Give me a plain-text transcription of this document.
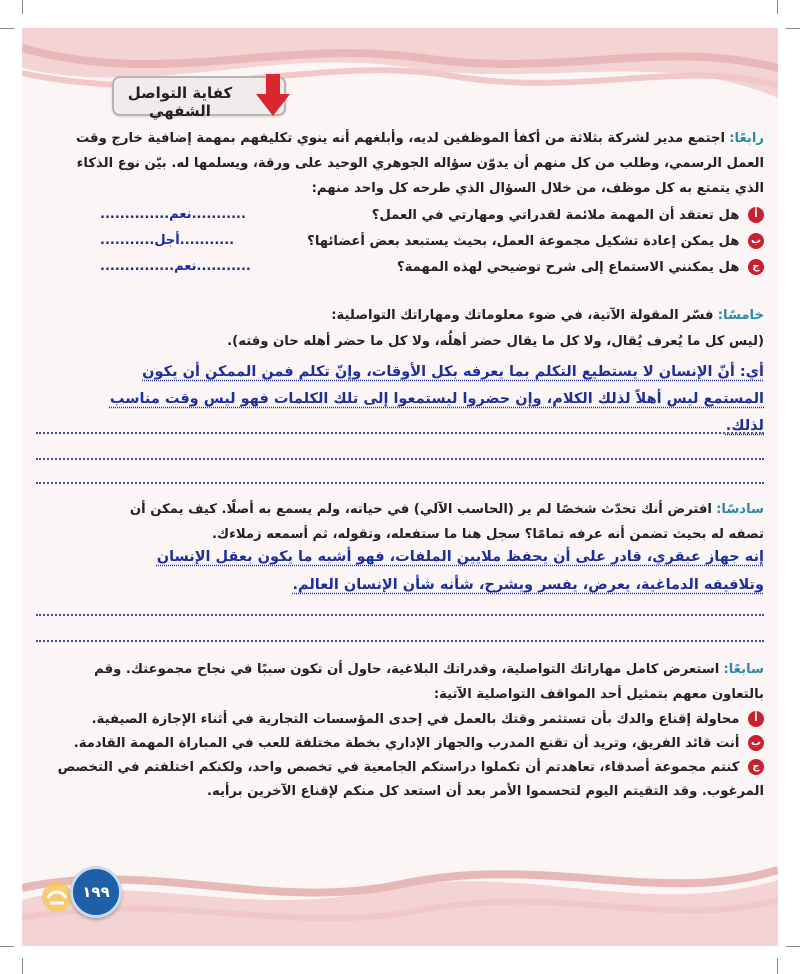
كفاية التواصل الشفهي
رابعًا: اجتمع مدير لشركة بثلاثة من أكفأ الموظفين لديه، وأبلغهم أنه ينوي تكليفهم بمهمة إضافية خارج وقت
العمل الرسمي، وطلب من كل منهم أن يدوّن سؤاله الجوهري الوحيد على ورقة، ويسلمها له. بيّن نوع الذكاء
الذي يتمتع به كل موظف، من خلال السؤال الذي طرحه كل واحد منهم:
أ هل تعتقد أن المهمة ملائمة لقدراتي ومهارتي في العمل؟
...........نعم..............
ب هل يمكن إعادة تشكيل مجموعة العمل، بحيث يستبعد بعض أعضائها؟
...........أجل...........
ج هل يمكنني الاستماع إلى شرح توضيحي لهذه المهمة؟
...........نعم...............
خامسًا: فسّر المقولة الآتية، في ضوء معلوماتك ومهاراتك التواصلية:
(ليس كل ما يُعرف يُقال، ولا كل ما يقال حضر أهلُه، ولا كل ما حضر أهله حان وقته).
أي: أنّ الإنسان لا يستطيع التكلم بما يعرفه بكل الأوقات، وإنّ تكلم فمن الممكن أن يكون
المستمع ليس أهلاً لذلك الكلام، وإن حضروا ليستمعوا إلى تلك الكلمات فهو ليس وقت مناسب
لذلك.
سادسًا: افترض أنك تحدّث شخصًا لم ير (الحاسب الآلي) في حياته، ولم يسمع به أصلًا. كيف يمكن أن
تصفه له بحيث تضمن أنه عرفه تمامًا؟ سجل هنا ما ستفعله، وتقوله، ثم أسمعه زملاءك.
إنه جهاز عبقري، قادر على أن يحفظ ملايين الملفات، فهو أشبه ما يكون بعقل الإنسان
وتلافيفه الدماغية، يعرض، يفسر ويشرح، شأنه شأن الإنسان العالم.
سابعًا: استعرض كامل مهاراتك التواصلية، وقدراتك البلاغية، حاول أن تكون سببًا في نجاح مجموعتك. وقم
بالتعاون معهم بتمثيل أحد المواقف التواصلية الآتية:
أ محاولة إقناع والدك بأن تستثمر وقتك بالعمل في إحدى المؤسسات التجارية في أثناء الإجازة الصيفية.
ب أنت قائد الفريق، وتريد أن تقنع المدرب والجهاز الإداري بخطة مختلفة للعب في المباراة المهمة القادمة.
ج كنتم مجموعة أصدقاء، تعاهدتم أن تكملوا دراستكم الجامعية في تخصص واحد، ولكنكم اختلفتم في التخصص
المرغوب. وقد التقيتم اليوم لتحسموا الأمر بعد أن استعد كل منكم لإقناع الآخرين برأيه.
١٩٩
